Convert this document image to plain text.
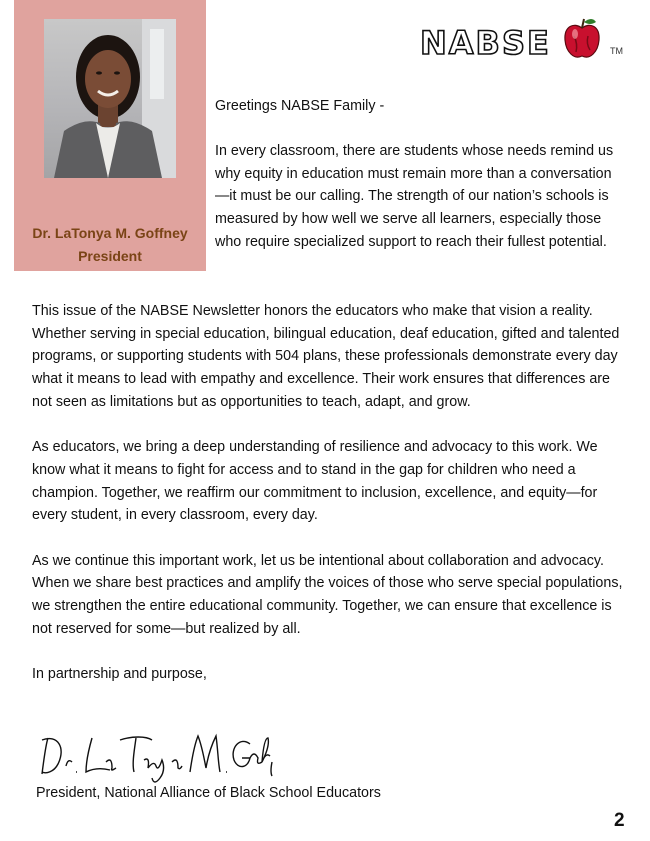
Dr. LaTonya M. Goffney
President
NABSE	TM

Greetings NABSE Family -

In every classroom, there are students whose needs remind us why equity in education must remain more than a conversation—it must be our calling. The strength of our nation’s schools is measured by how well we serve all learners, especially those who require specialized support to reach their fullest potential.

This issue of the NABSE Newsletter honors the educators who make that vision a reality. Whether serving in special education, bilingual education, deaf education, gifted and talented programs, or supporting students with 504 plans, these professionals demonstrate every day what it means to lead with empathy and excellence. Their work ensures that differences are not seen as limitations but as opportunities to teach, adapt, and grow.

As educators, we bring a deep understanding of resilience and advocacy to this work. We know what it means to fight for access and to stand in the gap for children who need a champion. Together, we reaffirm our commitment to inclusion, excellence, and equity—for every student, in every classroom, every day.

As we continue this important work, let us be intentional about collaboration and advocacy. When we share best practices and amplify the voices of those who serve special populations, we strengthen the entire educational community. Together, we can ensure that excellence is not reserved for some—but realized by all.

In partnership and purpose,

President, National Alliance of Black School Educators
2
